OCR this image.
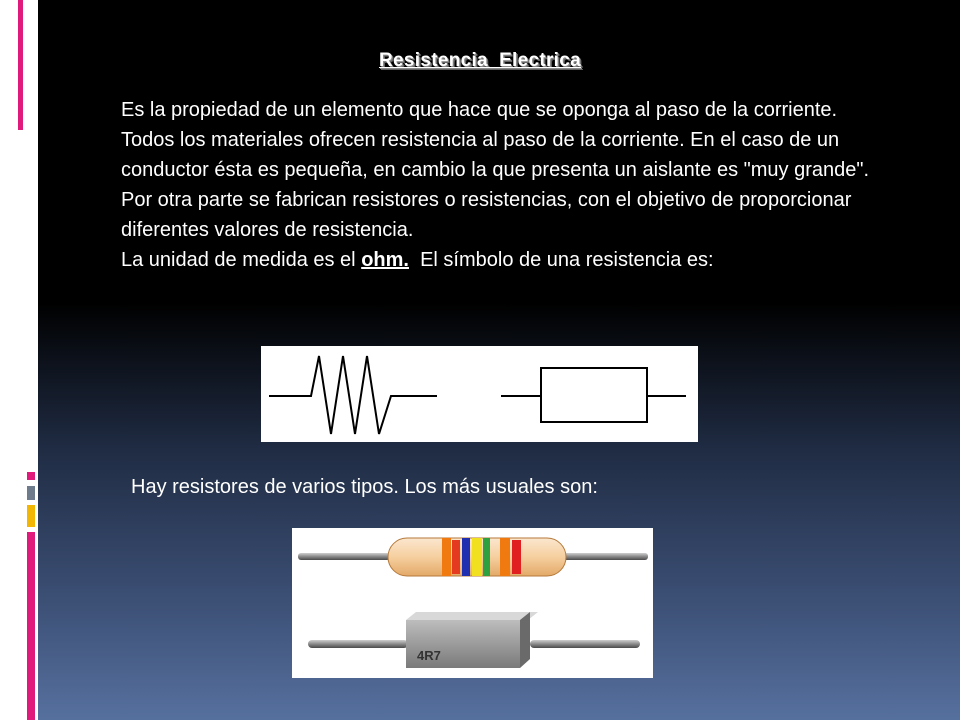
Resistencia  Electrica

Es la propiedad de un elemento que hace que se oponga al paso de la corriente.

Todos los materiales ofrecen resistencia al paso de la corriente. En el caso de un conductor ésta es pequeña, en cambio la que presenta un aislante es "muy grande".

Por otra parte se fabrican resistores o resistencias, con el objetivo de proporcionar diferentes valores de resistencia.

La unidad de medida es el ohm.  El símbolo de una resistencia es:

Hay resistores de varios tipos. Los más usuales son:
4R7
